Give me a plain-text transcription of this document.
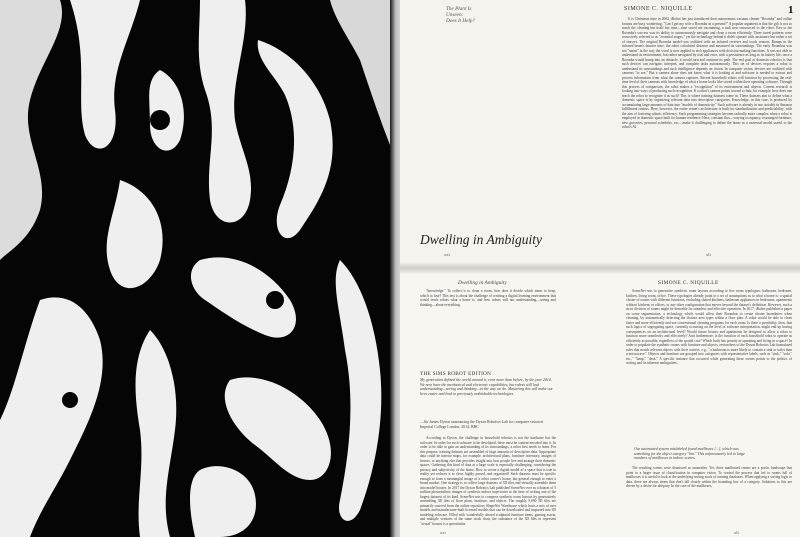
The Plant Is
Unseen:
Does It Help?
SIMONE C. NIQUILLE	1
Dwelling in Ambiguity

It is Christmas time in 2002, iRobot has just introduced their autonomous vacuum cleaner "Roomba" and online forums are busy wondering, "Can I get my wife a Roomba as a present?" A popular argument is that the gift is not so much the cleaning but itself but time—time saved not vacuuming, a task now outsourced to the robot. Key to the Roomba's success was its ability to autonomously navigate and clean a room efficiently. Three travel patterns were recursively referred to as "essential stages," yet the technology behind it didn't operate with assistance but rather a set of sensors. The original Roomba model was outfitted with an infrared receiver and touch sensors. Bumps in the infrared beam's bounce time, the robot calculated distance and measured its surroundings. The early Roombas was not "smart" in the way the word is now applied to tech appliances with decision-making functions. It was not able to understand its environment, but rather navigated by trial and error, with a persistence as long as its battery life: once a Roomba would bump into an obstacle, it would turn and continue its path. The end goal of domestic robotics is that such devices can navigate, interpret, and complete tasks autonomously. This set of devices requires a robot to understand its surroundings and such intelligence depends on vision. In computer vision, devices are outfitted with cameras "to see." But a camera alone does not know what it is looking at and software is needed to extract and process information from what the camera captures. Recent household robots will function by processing the real-time feed of their cameras with knowledge of what a home looks like stored within their operating software. Through this process of comparison, the robot makes a "recognition" of its environment and objects. Current research is looking into ways of producing such recognition. If a robot's camera points toward a chair, for example, how does one teach the robot to recognize it as such? This is where training datasets come in. These datasets aim to define what a domestic space is by organizing relevant data into descriptive categories. Knowledge, in this case, is produced by accumulating large amounts of data into "models of domesticity." Such software is already in use, notably in Amazon fulfillment centers. Here, however, the entire center's architecture is built for standardization and predictability, with the aim of fostering robotic efficiency. Such programming strategies become radically more complex when a robot is employed in domestic space built for human residence. Here, constant flux—varying occupancy, rearranged furniture, new groceries, personal schedules, etc.—make it challenging to define the home as a universal model useful to the robot's AI.

xxi	xli
Dwelling in Ambiguity	SIMONE C. NIQUILLE

"knowledge." To collect is to clean a room, how does it decide which items to keep, which to lose? This text is about the challenge of creating a digital learning environment that would teach robots what a home is, and how robots will not understanding—seeing and thinking—about everything.

THE SIMS ROBOT EDITION
My generation defined the world around it, even more than before, by the year 2014. We now have the mechanical and electronic capabilities, but robots still lack understanding—seeing and thinking—in the way we do. Mastering this will make our lives easier and lead to previously unthinkable technologies.
—Sir James Dyson announcing the Dyson Robotics Lab for computer vision at Imperial College London, 2014, BBC

According to Dyson, the challenge in household robotics is not the hardware but the software. In order for such software to be developed, there must be content encoded into it. In order to be able to gain an understanding of its surroundings, a robot first needs to learn. For this purpose, training datasets are assembled of large amounts of descriptive data. Appropriate data could be interior maps, for example, architectural plans, furniture inventory, images of houses, or anything else that provides insight into how people live and arrange their domestic spaces. Gathering this kind of data at a large scale is especially challenging, considering the privacy and subjectivity of the home. How to create a digital model of a space that is true to reality yet reduces it to clear, highly parsed, and organized? Such datasets must be specific enough to form a meaningful image of a robot owner's house, but general enough to enter a broad market. One strategy is to collect large datasets of 3D files and virtually assemble them into model houses. In 2017 the Dyson Robotics Lab published SceneNet over as a dataset of 5 million photorealistic images of synthetic indoor trajectories at the time of writing one of the largest datasets of its kind. SceneNet sets to compose synthetic room layouts by generatively assembling 3D files of floor plans, furniture, and objects. The roughly 5,000 3D files are primarily sourced from the online repository ShapeNet Warehouse which hosts a mix of user models and manufacturer-built licensed models that can be downloaded and imported into 3D modeling software. Filled with wonderfully absurd sculptural furniture items, gaming assets, and multiple versions of the same stock chair, the substance of the 3D files to represent "actual" houses is a speculation.

SceneNet sets to generative synthetic room layouts according to five room typologies: bathroom, bedroom, kitchen, living room, office. These typologies already point to a set of assumptions as to what a home is: a spatial cluster of rooms with different functions, excluding shared kitchens, bathroom appliances in bedrooms, apartments without kitchens or offices, or any other configuration that moves beyond the dataset's definition. However, such a strict division of rooms might be desirable for seamless and effective operation. In 2017, iRobot published a paper on scene segmentation, a technology which would allow their Roombas to create clearer boundaries when cleaning, by automatically detecting the distinct area types within a floor plan. A robot would be able to clean faster and more efficiently and use conventional cleaning programs for each room. Is there a possibility, then, that such logics of segregating space, currently occurring on the level of software interpretation, might end up having consequences on an architectural level? Would future houses and apartments be designed to allow a robot to function more seamlessly and effectively? And furthermore, is the function of each household robot to operate as efficiently as possible, regardless of the spatial cost? Which body has priority in operating and living in a space? In order to populate the synthetic rooms with furniture and objects, researchers of the Dyson Robotics Lab formulated rules that match relevant objects with their context, e.g., "a bathroom is more likely to contain a sink or toilet than a microwave." Objects and furniture are grouped into categories with representative labels, such as "sink," "sofa," etc.," "lamp," "desk." A specific instance that occurred while generating these scenes points to the politics of sorting and its inherent ambiguities:

Our automated system mislabeled found mailboxes [...], which was something for the object category "bin." This unfortunately led to large numbers of mailboxes in indoor scenes.

The resulting scenes were dismissed as anomalies. Yet, there mailboxed rooms are a poetic landscape that point to a larger issue of classification in computer vision. To control the process that led to rooms full of mailboxes it is useful to look at the underlying sorting stack of training databases. When applying a sorting logic to data, there are always items that don't fall clearly within the bounding box of a category. Solutions to this are driven by a desire for ubiquity. In the case of the mailboxes,

xxi	xli
